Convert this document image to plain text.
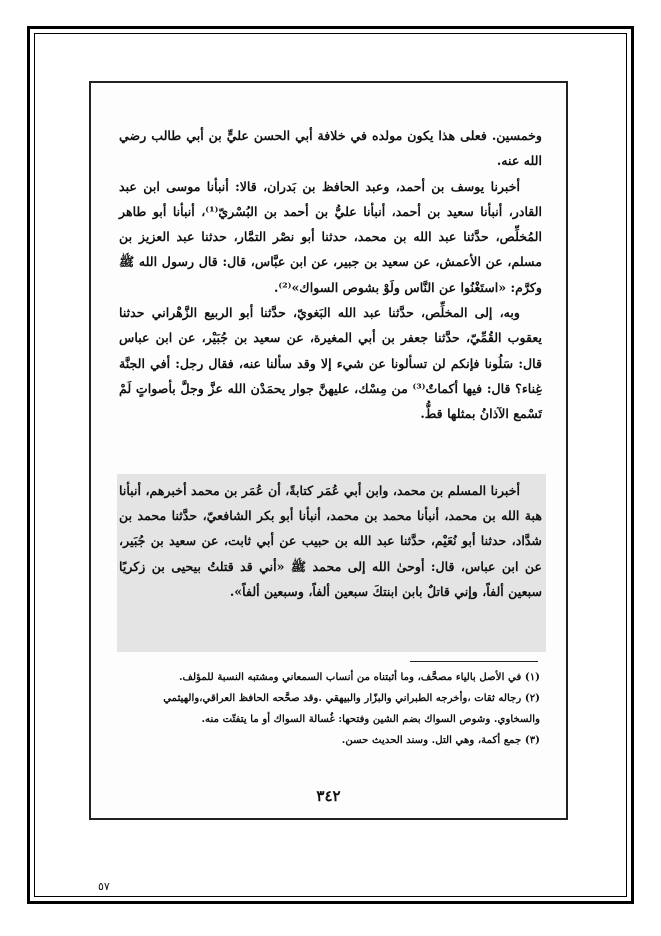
وخمسين. فعلى هذا يكون مولده في خلافة أبي الحسن عليٍّ بن أبي طالب رضي الله عنه.

أخبرنا يوسف بن أحمد، وعبد الحافظ بن بَدران، قالا: أنبأنا موسى ابن عبد القادر، أنبأنا سعيد بن أحمد، أنبأنا عليُّ بن أحمد بن البُسْريّ⁽¹⁾، أنبأنا أبو طاهر المُخلِّص، حدَّثنا عبد الله بن محمد، حدثنا أبو نصْر التمَّار، حدثنا عبد العزيز بن مسلم، عن الأعمش، عن سعيد بن جبير، عن ابن عبَّاس، قال: قال رسول الله ﷺ وكرَّم: «استَغْنُوا عن النَّاس ولَوْ بشوص السواك»⁽²⁾.

وبه، إلى المخلِّص، حدَّثنا عبد الله البَغويّ، حدَّثنا أبو الربيع الزَّهْراني حدثنا يعقوب القُمِّيّ، حدَّثنا جعفر بن أبي المغيرة، عن سعيد بن جُبَيْر، عن ابن عباس قال: سَلُونا فإنكم لن تسألونا عن شيء إلا وقد سألنا عنه، فقال رجل: أفي الجنَّة غِناء؟ قال: فيها أكماتٌ⁽³⁾ من مِسْك، عليهنَّ جوار يحمَدْن الله عزَّ وجلَّ بأصواتٍ لَمْ تَسْمع الآذانُ بمثلها قطُّ.

أخبرنا المسلم بن محمد، وابن أبي عُمَر كتابةً، أن عُمَر بن محمد أخبرهم، أنبأنا هبة الله بن محمد، أنبأنا محمد بن محمد، أنبأنا أبو بكر الشافعيّ، حدَّثنا محمد بن شدَّاد، حدثنا أبو نُعَيْم، حدَّثنا عبد الله بن حبيب عن أبي ثابت، عن سعيد بن جُبَير، عن ابن عباس، قال: أوحىٰ الله إلى محمد ﷺ «أني قد قتلتُ بيحيى بن زكريًا سبعين ألفاً، وإني قاتلٌ بابن ابنتكَ سبعين ألفاً، وسبعين ألفاً».

(١) في الأصل بالياء مصحَّف، وما أثبتناه من أنساب السمعاني ومشتبه النسبة للمؤلف.

(٢) رجاله ثقات ،وأخرجه الطبراني والبزّار والبيهقي .وقد صحَّحه الحافظ العراقي،والهيثمي والسخاوي. وشوص السواك بضم الشين وفتحها: غُسالة السواك أو ما يتفتّت منه.

(٣) جمع أكمة، وهي التل. وسند الحديث حسن.

٣٤٢
٥٧
